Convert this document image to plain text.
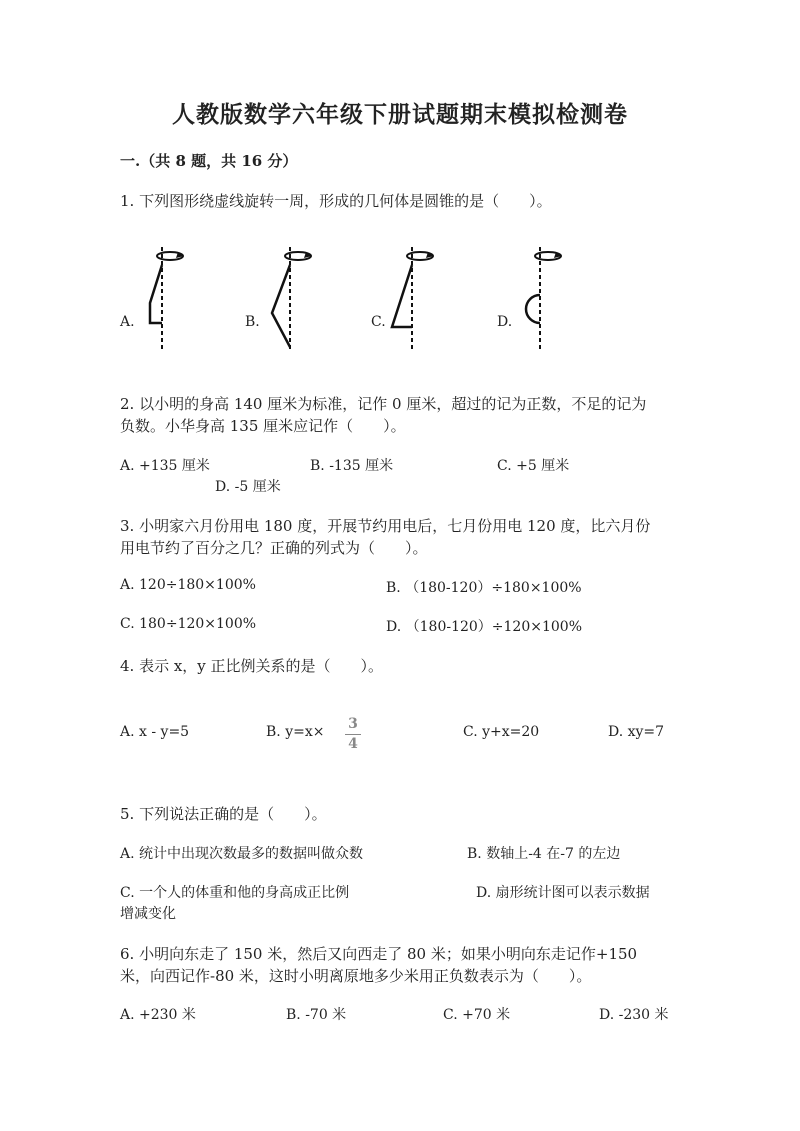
人教版数学六年级下册试题期末模拟检测卷
一.（共 8 题，共 16 分）
1. 下列图形绕虚线旋转一周，形成的几何体是圆锥的是（　　）。
A.	B.	C.	D.
2. 以小明的身高 140 厘米为标准，记作 0 厘米，超过的记为正数，不足的记为
负数。小华身高 135 厘米应记作（　　）。
A. +135 厘米	B. -135 厘米	C. +5 厘米
D. -5 厘米
3. 小明家六月份用电 180 度，开展节约用电后，七月份用电 120 度，比六月份
用电节约了百分之几？正确的列式为（　　）。
A. 120÷180×100%	B. （180-120）÷180×100%
C. 180÷120×100%	D. （180-120）÷120×100%
4. 表示 x，y 正比例关系的是（　　）。
A. x - y=5	B. y=x× 3
4
C. y+x=20	D. xy=7
5. 下列说法正确的是（　　）。
A. 统计中出现次数最多的数据叫做众数	B. 数轴上-4 在-7 的左边
C. 一个人的体重和他的身高成正比例	D. 扇形统计图可以表示数据
增减变化
6. 小明向东走了 150 米，然后又向西走了 80 米；如果小明向东走记作+150
米，向西记作-80 米，这时小明离原地多少米用正负数表示为（　　）。
A. +230 米	B. -70 米	C. +70 米	D. -230 米
